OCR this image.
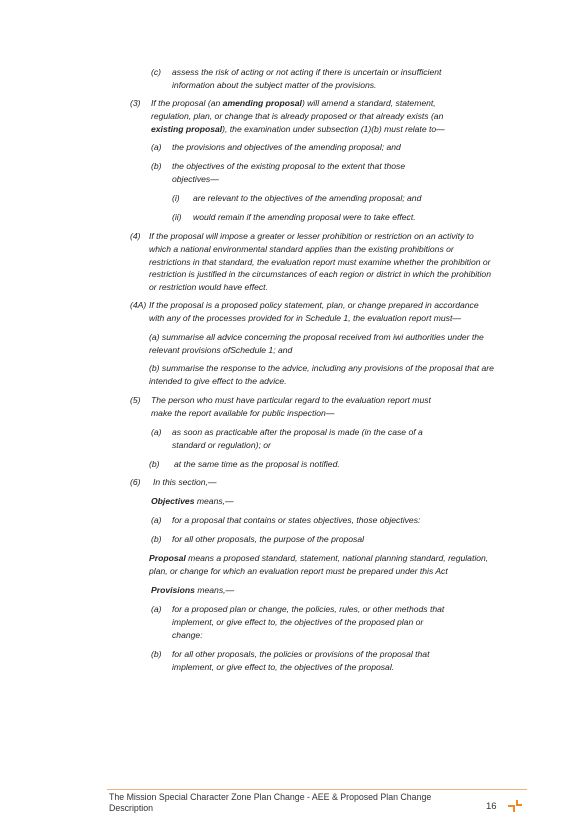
(c) assess the risk of acting or not acting if there is uncertain or insufficient
information about the subject matter of the provisions.
(3) If the proposal (an amending proposal) will amend a standard, statement,
regulation, plan, or change that is already proposed or that already exists (an
existing proposal), the examination under subsection (1)(b) must relate to—
(a) the provisions and objectives of the amending proposal; and
(b) the objectives of the existing proposal to the extent that those
objectives—
(i) are relevant to the objectives of the amending proposal; and
(ii) would remain if the amending proposal were to take effect.
(4) If the proposal will impose a greater or lesser prohibition or restriction on an activity to
which a national environmental standard applies than the existing prohibitions or
restrictions in that standard, the evaluation report must examine whether the prohibition or
restriction is justified in the circumstances of each region or district in which the prohibition
or restriction would have effect.
(4A) If the proposal is a proposed policy statement, plan, or change prepared in accordance
with any of the processes provided for in Schedule 1, the evaluation report must—
(a) summarise all advice concerning the proposal received from iwi authorities under the
relevant provisions ofSchedule 1; and
(b) summarise the response to the advice, including any provisions of the proposal that are
intended to give effect to the advice.
(5) The person who must have particular regard to the evaluation report must
make the report available for public inspection—
(a) as soon as practicable after the proposal is made (in the case of a
standard or regulation); or
(b) at the same time as the proposal is notified.
(6) In this section,—
Objectives means,—
(a) for a proposal that contains or states objectives, those objectives:
(b) for all other proposals, the purpose of the proposal
Proposal means a proposed standard, statement, national planning standard, regulation,
plan, or change for which an evaluation report must be prepared under this Act
Provisions means,—
(a) for a proposed plan or change, the policies, rules, or other methods that
implement, or give effect to, the objectives of the proposed plan or
change:
(b) for all other proposals, the policies or provisions of the proposal that
implement, or give effect to, the objectives of the proposal.
The Mission Special Character Zone Plan Change - AEE & Proposed Plan Change
Description	16
